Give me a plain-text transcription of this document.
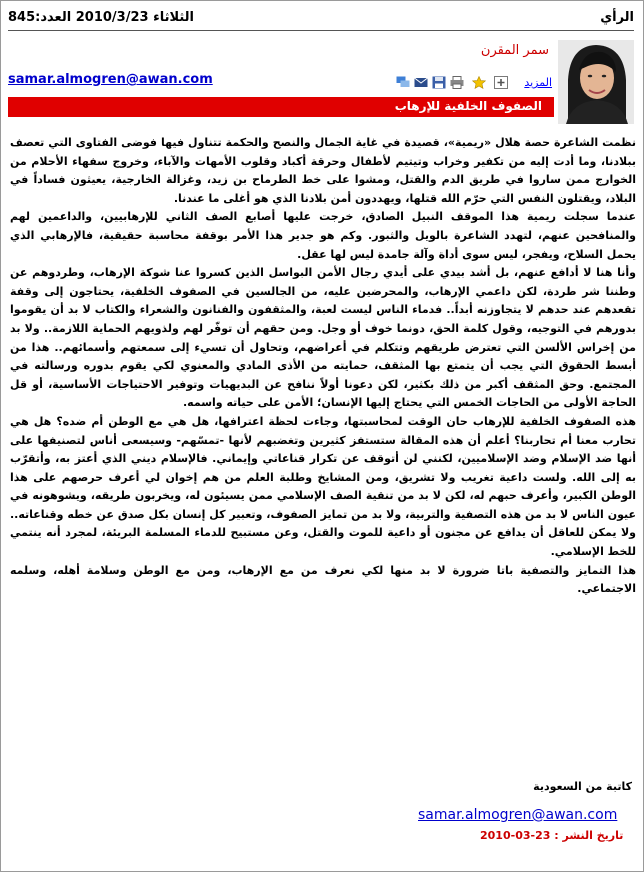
الرأي
الثلاثاء 2010/3/23 العدد:845
سمر المقرن
المزيد
samar.almogren@awan.com
الصفوف الخلفية للإرهاب

نظمت الشاعرة حصة هلال «ريمية»، قصيدة في غاية الجمال والنصح والحكمة تتناول فيها فوضى الفتاوى التي تعصف ببلادنا، وما أدت إليه من تكفير وخراب وتيتيم لأطفال وحرقة أكباد وقلوب الأمهات والآباء، وخروج سفهاء الأحلام من الخوارج ممن ساروا في طريق الدم والقتل، ومشوا على خط الطرماح بن زيد، وغزالة الخارجية، يعيثون فساداً في البلاد، ويقتلون النفس التي حرّم الله قتلها، ويهددون أمن بلادنا الذي هو أغلى ما عندنا.

عندما سجلت ريمية هذا الموقف النبيل الصادق، خرجت عليها أصابع الصف الثاني للإرهابيين، والداعمين لهم والمنافحين عنهم، لتهدد الشاعرة بالويل والثبور. وكم هو جدير هذا الأمر بوقفة محاسبة حقيقية، فالإرهابي الذي يحمل السلاح، ويفجر، ليس سوى أداة وآلة جامدة ليس لها عقل.

وأنا هنا لا أدافع عنهم، بل أشد بيدي على أيدي رجال الأمن البواسل الذين كسروا عنا شوكة الإرهاب، وطردوهم عن وطننا شر طردة، لكن داعمي الإرهاب، والمحرضين عليه، من الجالسين في الصفوف الخلفية، يحتاجون إلى وقفة تقعدهم عند حدهم لا يتجاوزنه أبداً.. فدماء الناس ليست لعبة، والمثقفون والفنانون والشعراء والكتاب لا بد أن يقوموا بدورهم في التوجيه، وقول كلمة الحق، دونما خوف أو وجل. ومن حقهم أن توفّر لهم ولذويهم الحماية اللازمة.. ولا بد من إخراس الألسن التي تعترض طريقهم وتتكلم في أعراضهم، وتحاول أن تسيء إلى سمعتهم وأسمائهم.. هذا من أبسط الحقوق التي يجب أن يتمتع بها المثقف، حمايته من الأذى المادي والمعنوي لكي يقوم بدوره ورسالته في المجتمع. وحق المثقف أكبر من ذلك بكثير، لكن دعونا أولاً ننافح عن البديهيات وتوفير الاحتياجات الأساسية، أو قل الحاجة الأولى من الحاجات الخمس التي يحتاج إليها الإنسان؛ الأمن على حياته واسمه.

هذه الصفوف الخلفية للإرهاب حان الوقت لمحاسبتها، وجاءت لحظة اعترافها، هل هي مع الوطن أم ضده؟ هل هي تحارب معنا أم تحاربنا؟ أعلم أن هذه المقالة ستستفز كثيرين وتغضبهم لأنها -تمسّهم- وسيسعى أناس لتصنيفها على أنها ضد الإسلام وضد الإسلاميين، لكنني لن أتوقف عن تكرار قناعاتي وإيماني. فالإسلام ديني الذي أعتز به، وأتقرّب به إلى الله. ولست داعية تغريب ولا تشريق، ومن المشايخ وطلبة العلم من هم إخوان لي أعرف حرصهم على هذا الوطن الكبير، وأعرف حبهم له، لكن لا بد من تنقية الصف الإسلامي ممن يسيئون له، ويخربون طريقه، ويشوهونه في عيون الناس لا بد من هذه التصفية والتربية، ولا بد من تمايز الصفوف، وتعبير كل إنسان بكل صدق عن خطه وقناعاته.. ولا يمكن للعاقل أن يدافع عن مجنون أو داعية للموت والقتل، وعن مستبيح للدماء المسلمة البريئة، لمجرد أنه ينتمي للخط الإسلامي.

هذا التمايز والتصفية باتا ضرورة لا بد منها لكي نعرف من مع الإرهاب، ومن مع الوطن وسلامة أهله، وسلمه الاجتماعي.

كاتبة من السعودية
samar.almogren@awan.com
تاريخ النشر : 23-03-2010
